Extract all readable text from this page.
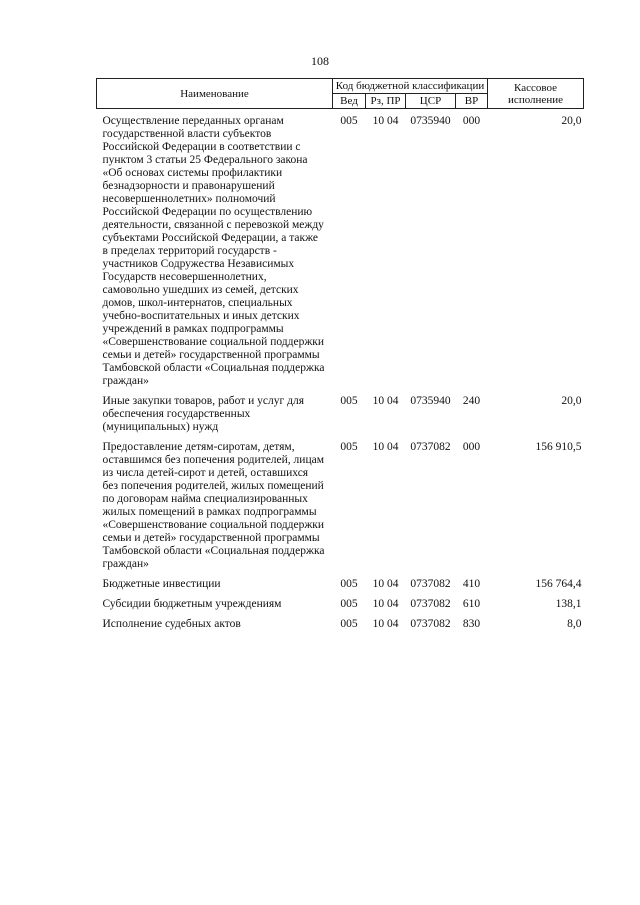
108
Наименование	Код бюджетной классификации				Кассовое исполнение
	Вед	Рз, ПР	ЦСР	ВР	
Осуществление переданных органам государственной власти субъектов Российской Федерации в соответствии с пунктом 3 статьи 25 Федерального закона «Об основах системы профилактики безнадзорности и правонарушений несовершеннолетних» полномочий Российской Федерации по осуществлению деятельности, связанной с перевозкой между субъектами Российской Федерации, а также в пределах территорий государств - участников Содружества Независимых Государств несовершеннолетних, самовольно ушедших из семей, детских домов, школ-интернатов, специальных учебно-воспитательных и иных детских учреждений в рамках подпрограммы «Совершенствование социальной поддержки семьи и детей» государственной программы Тамбовской области «Социальная поддержка граждан»	005	10 04	0735940	000	20,0
Иные закупки товаров, работ и услуг для обеспечения государственных (муниципальных) нужд	005	10 04	0735940	240	20,0
Предоставление детям-сиротам, детям, оставшимся без попечения родителей, лицам из числа детей-сирот и детей, оставшихся без попечения родителей, жилых помещений по договорам найма специализированных жилых помещений в рамках подпрограммы «Совершенствование социальной поддержки семьи и детей» государственной программы Тамбовской области «Социальная поддержка граждан»	005	10 04	0737082	000	156 910,5
Бюджетные инвестиции	005	10 04	0737082	410	156 764,4
Субсидии бюджетным учреждениям	005	10 04	0737082	610	138,1
Исполнение судебных актов	005	10 04	0737082	830	8,0
